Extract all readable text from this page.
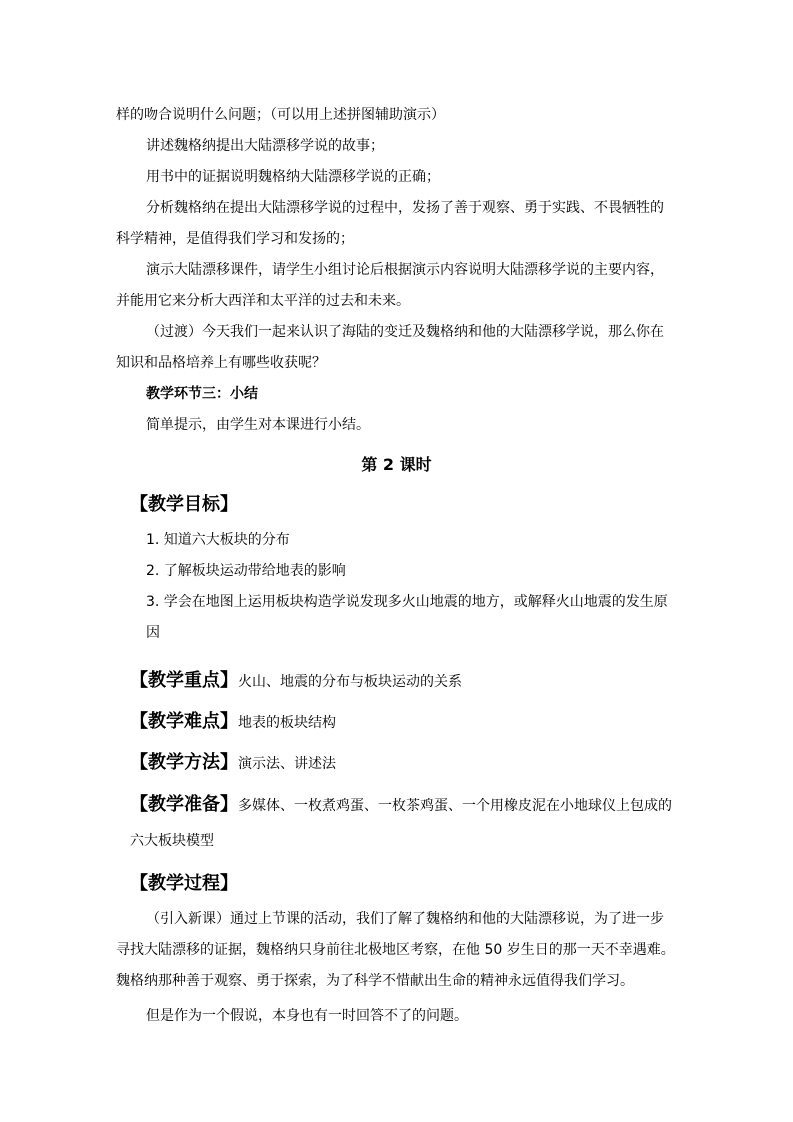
样的吻合说明什么问题；（可以用上述拼图辅助演示）

讲述魏格纳提出大陆漂移学说的故事；

用书中的证据说明魏格纳大陆漂移学说的正确；

分析魏格纳在提出大陆漂移学说的过程中，发扬了善于观察、勇于实践、不畏牺牲的科学精神，是值得我们学习和发扬的；

演示大陆漂移课件，请学生小组讨论后根据演示内容说明大陆漂移学说的主要内容，并能用它来分析大西洋和太平洋的过去和未来。

（过渡）今天我们一起来认识了海陆的变迁及魏格纳和他的大陆漂移学说，那么你在知识和品格培养上有哪些收获呢？

教学环节三：小结

简单提示，由学生对本课进行小结。

第 2 课时
【教学目标】

1. 知道六大板块的分布

2. 了解板块运动带给地表的影响

3. 学会在地图上运用板块构造学说发现多火山地震的地方，或解释火山地震的发生原因

【教学重点】火山、地震的分布与板块运动的关系
【教学难点】地表的板块结构
【教学方法】演示法、讲述法
【教学准备】多媒体、一枚煮鸡蛋、一枚茶鸡蛋、一个用橡皮泥在小地球仪上包成的六大板块模型
【教学过程】

（引入新课）通过上节课的活动，我们了解了魏格纳和他的大陆漂移说，为了进一步寻找大陆漂移的证据，魏格纳只身前往北极地区考察，在他 50 岁生日的那一天不幸遇难。魏格纳那种善于观察、勇于探索，为了科学不惜献出生命的精神永远值得我们学习。

但是作为一个假说，本身也有一时回答不了的问题。
